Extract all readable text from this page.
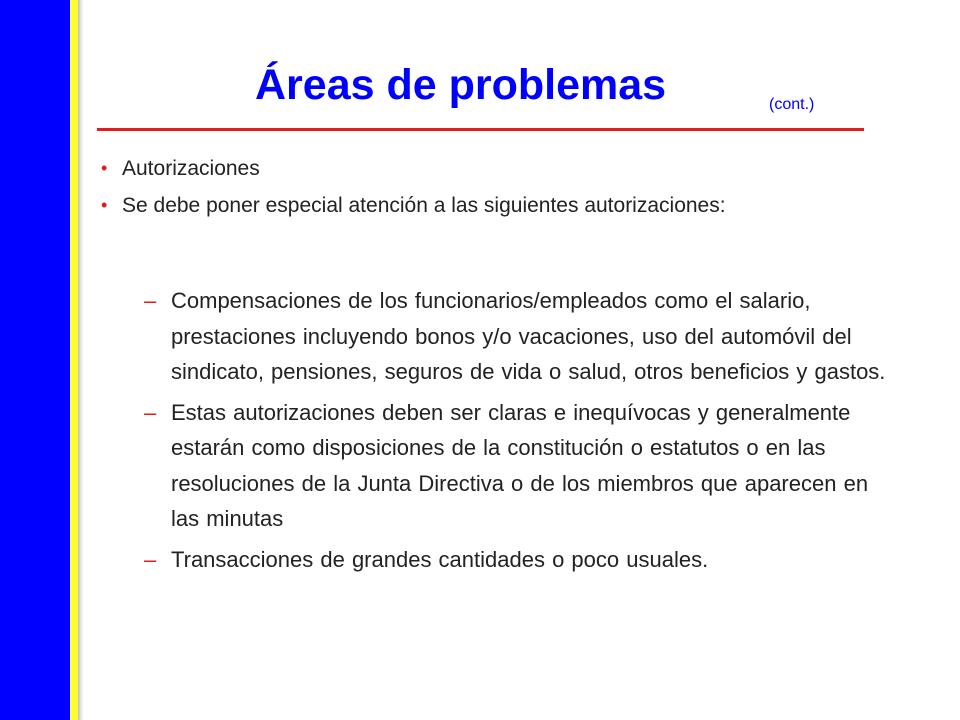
Áreas de problemas	(cont.)
• Autorizaciones
• Se debe poner especial atención a las siguientes autorizaciones:
– Compensaciones de los funcionarios/empleados como el salario, prestaciones incluyendo bonos y/o vacaciones, uso del automóvil del sindicato, pensiones, seguros de vida o salud, otros beneficios y gastos.
– Estas autorizaciones deben ser claras e inequívocas y generalmente estarán como disposiciones de la constitución o estatutos o en las resoluciones de la Junta Directiva o de los miembros que aparecen en las minutas
– Transacciones de grandes cantidades o poco usuales.
